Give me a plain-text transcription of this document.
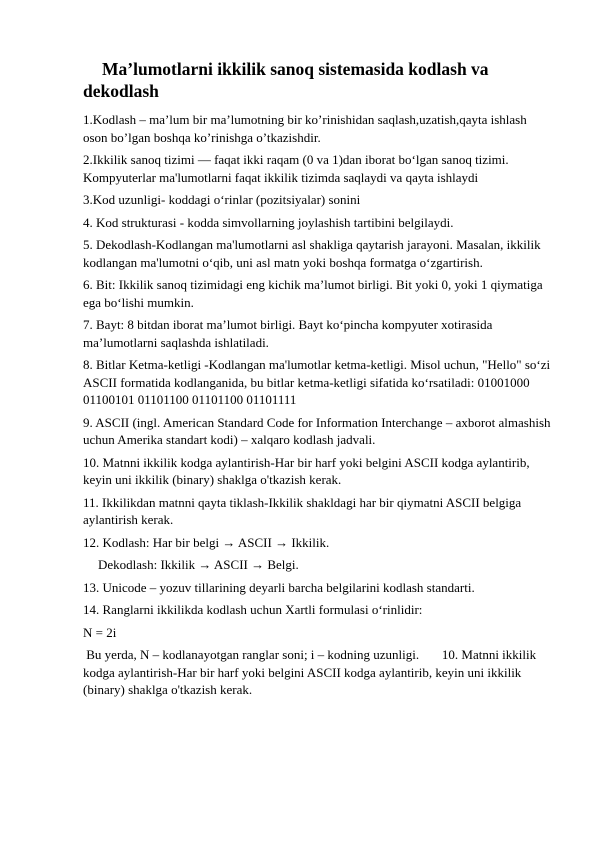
Ma’lumotlarni ikkilik sanoq sistemasida kodlash va dekodlash

1.Kodlash – ma’lum bir ma’lumotning bir ko’rinishidan saqlash,uzatish,qayta ishlash oson bo’lgan boshqa ko’rinishga o’tkazishdir.

2.Ikkilik sanoq tizimi — faqat ikki raqam (0 va 1)dan iborat boʻlgan sanoq tizimi. Kompyuterlar ma'lumotlarni faqat ikkilik tizimda saqlaydi va qayta ishlaydi

3.Kod uzunligi- koddagi oʻrinlar (pozitsiyalar) sonini

4. Kod strukturasi - kodda simvollarning joylashish tartibini belgilaydi.

5. Dekodlash-Kodlangan ma'lumotlarni asl shakliga qaytarish jarayoni. Masalan, ikkilik kodlangan ma'lumotni oʻqib, uni asl matn yoki boshqa formatga oʻzgartirish.

6. Bit: Ikkilik sanoq tizimidagi eng kichik maʼlumot birligi. Bit yoki 0, yoki 1 qiymatiga ega boʻlishi mumkin.

7. Bayt: 8 bitdan iborat maʼlumot birligi. Bayt koʻpincha kompyuter xotirasida maʼlumotlarni saqlashda ishlatiladi.

8. Bitlar Ketma-ketligi -Kodlangan ma'lumotlar ketma-ketligi. Misol uchun, "Hello" soʻzi ASCII formatida kodlanganida, bu bitlar ketma-ketligi sifatida koʻrsatiladi: 01001000 01100101 01101100 01101100 01101111

9. ASCII (ingl. American Standard Code for Information Interchange – axborot almashish  uchun Amerika standart kodi) – xalqaro kodlash jadvali.

10. Matnni ikkilik kodga aylantirish-Har bir harf yoki belgini ASCII kodga aylantirib, keyin uni ikkilik (binary) shaklga o'tkazish kerak.

11. Ikkilikdan matnni qayta tiklash-Ikkilik shakldagi har bir qiymatni ASCII belgiga aylantirish kerak.

12. Kodlash: Har bir belgi → ASCII → Ikkilik.

Dekodlash: Ikkilik → ASCII → Belgi.

13. Unicode – yozuv tillarining deyarli barcha belgilarini kodlash standarti.

14. Ranglarni ikkilikda kodlash uchun Xartli formulasi oʻrinlidir:

N = 2i

Bu yerda, N – kodlanayotgan ranglar soni; i – kodning uzunligi.       10. Matnni ikkilik kodga aylantirish-Har bir harf yoki belgini ASCII kodga aylantirib, keyin uni ikkilik (binary) shaklga o'tkazish kerak.
